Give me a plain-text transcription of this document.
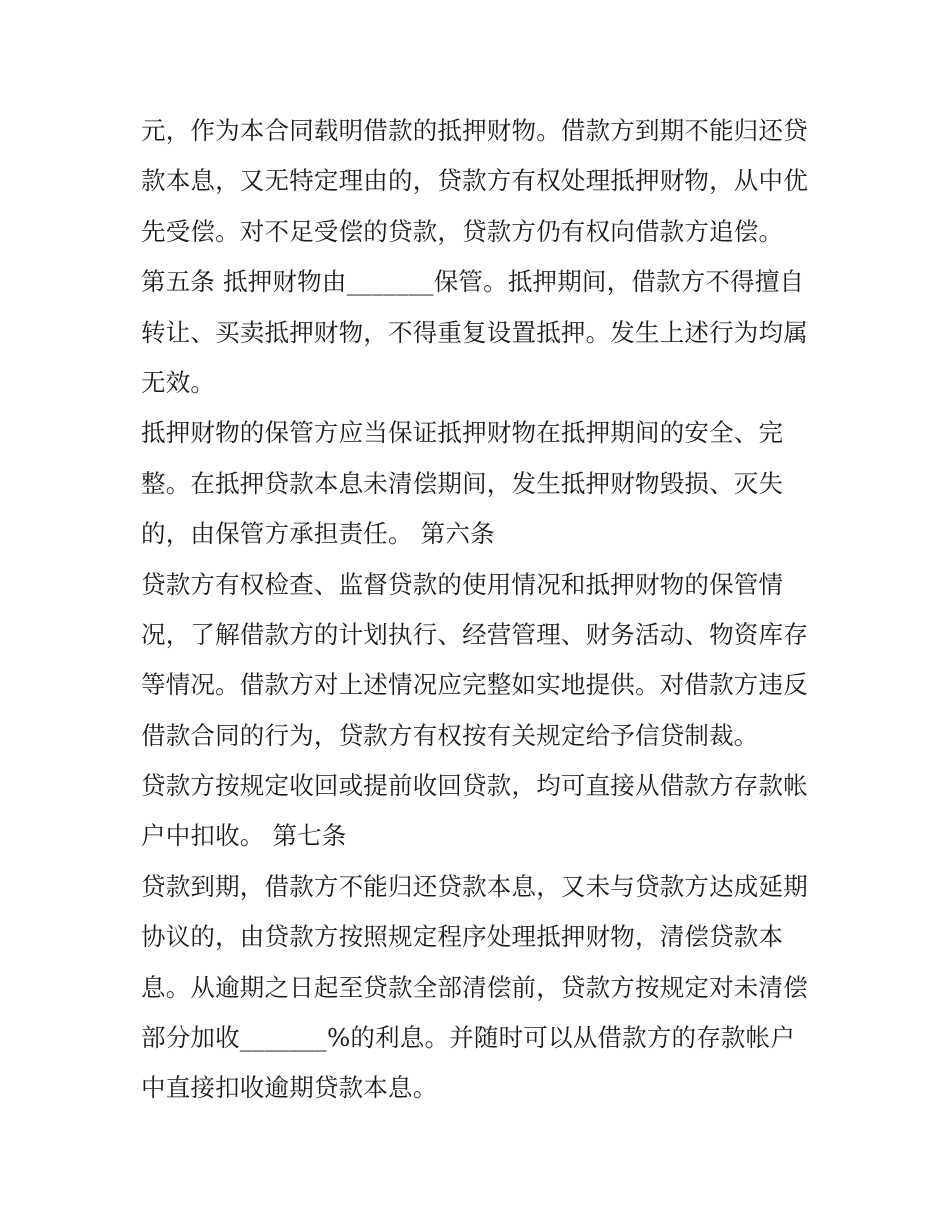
元，作为本合同载明借款的抵押财物。借款方到期不能归还贷
款本息，又无特定理由的，贷款方有权处理抵押财物，从中优
先受偿。对不足受偿的贷款，贷款方仍有权向借款方追偿。
第五条 抵押财物由_______保管。抵押期间，借款方不得擅自
转让、买卖抵押财物，不得重复设置抵押。发生上述行为均属
无效。
抵押财物的保管方应当保证抵押财物在抵押期间的安全、完
整。在抵押贷款本息未清偿期间，发生抵押财物毁损、灭失
的，由保管方承担责任。 第六条
贷款方有权检查、监督贷款的使用情况和抵押财物的保管情
况，了解借款方的计划执行、经营管理、财务活动、物资库存
等情况。借款方对上述情况应完整如实地提供。对借款方违反
借款合同的行为，贷款方有权按有关规定给予信贷制裁。
贷款方按规定收回或提前收回贷款，均可直接从借款方存款帐
户中扣收。 第七条
贷款到期，借款方不能归还贷款本息，又未与贷款方达成延期
协议的，由贷款方按照规定程序处理抵押财物，清偿贷款本
息。从逾期之日起至贷款全部清偿前，贷款方按规定对未清偿
部分加收_______%的利息。并随时可以从借款方的存款帐户
中直接扣收逾期贷款本息。
